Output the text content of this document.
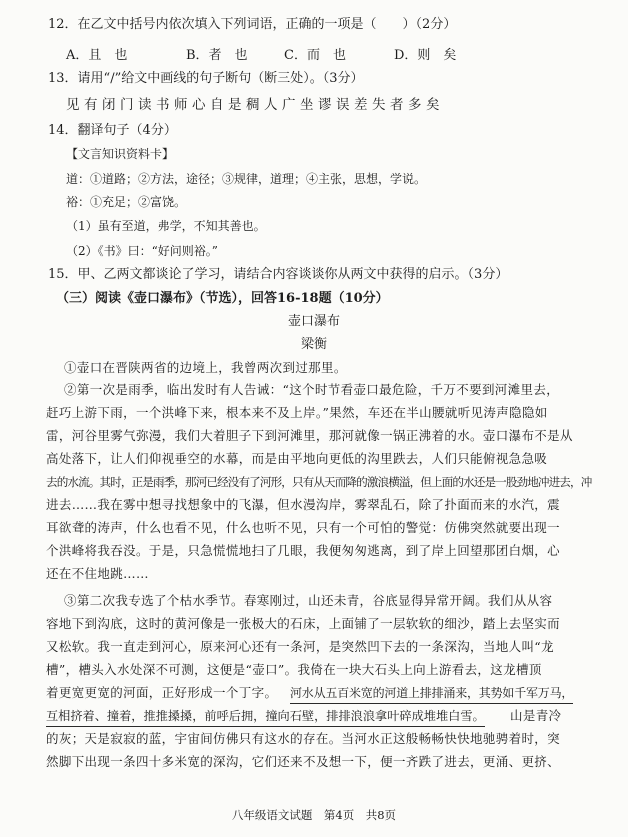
12．在乙文中括号内依次填入下列词语，正确的一项是（　　）（2分）
A．且　也	B．者　也	C．而　也	D．则　矣
13．请用“/”给文中画线的句子断句（断三处）。（3分）
见有闭门读书师心自是稠人广坐谬误差失者多矣
14．翻译句子（4分）
【文言知识资料卡】
道：①道路；②方法，途径；③规律，道理；④主张，思想，学说。
裕：①充足；②富饶。
（1）虽有至道，弗学，不知其善也。
（2）《书》曰：“好问则裕。”
15．甲、乙两文都谈论了学习，请结合内容谈谈你从两文中获得的启示。（3分）
（三）阅读《壶口瀑布》（节选），回答16-18题（10分）
壶口瀑布
梁衡
①壶口在晋陕两省的边境上，我曾两次到过那里。
②第一次是雨季，临出发时有人告诫：“这个时节看壶口最危险，千万不要到河滩里去，
赶巧上游下雨，一个洪峰下来，根本来不及上岸。”果然，车还在半山腰就听见涛声隐隐如
雷，河谷里雾气弥漫，我们大着胆子下到河滩里，那河就像一锅正沸着的水。壶口瀑布不是从
高处落下，让人们仰视垂空的水幕，而是由平地向更低的沟里跌去，人们只能俯视急急吸
去的水流。其时，正是雨季，那河已经没有了河形，只有从天而降的激浪横溢，但上面的水还是一股劲地冲进去，冲
进去……我在雾中想寻找想象中的飞瀑，但水漫沟岸，雾翠乱石，除了扑面而来的水汽，震
耳欲聋的涛声，什么也看不见，什么也听不见，只有一个可怕的警觉：仿佛突然就要出现一
个洪峰将我吞没。于是，只急慌慌地扫了几眼，我便匆匆逃离，到了岸上回望那团白烟，心
还在不住地跳……
③第二次我专选了个枯水季节。春寒刚过，山还未青，谷底显得异常开阔。我们从从容
容地下到沟底，这时的黄河像是一张极大的石床，上面铺了一层软软的细沙，踏上去坚实而
又松软。我一直走到河心，原来河心还有一条河，是突然凹下去的一条深沟，当地人叫“龙
槽”，槽头入水处深不可测，这便是“壶口”。我倚在一块大石头上向上游看去，这龙槽顶
着更宽更宽的河面，正好形成一个丁字。 河水从五百米宽的河道上排排涌来，其势如千军万马，
互相挤着、撞着，推推搡搡，前呼后拥，撞向石壁，排排浪浪拿叶碎成堆堆白雪。 山是青冷
的灰；天是寂寂的蓝，宇宙间仿佛只有这水的存在。当河水正这般畅畅快快地驰骋着时，突
然脚下出现一条四十多米宽的深沟，它们还来不及想一下，便一齐跌了进去，更涌、更挤、
八年级语文试题　第4页　共8页
